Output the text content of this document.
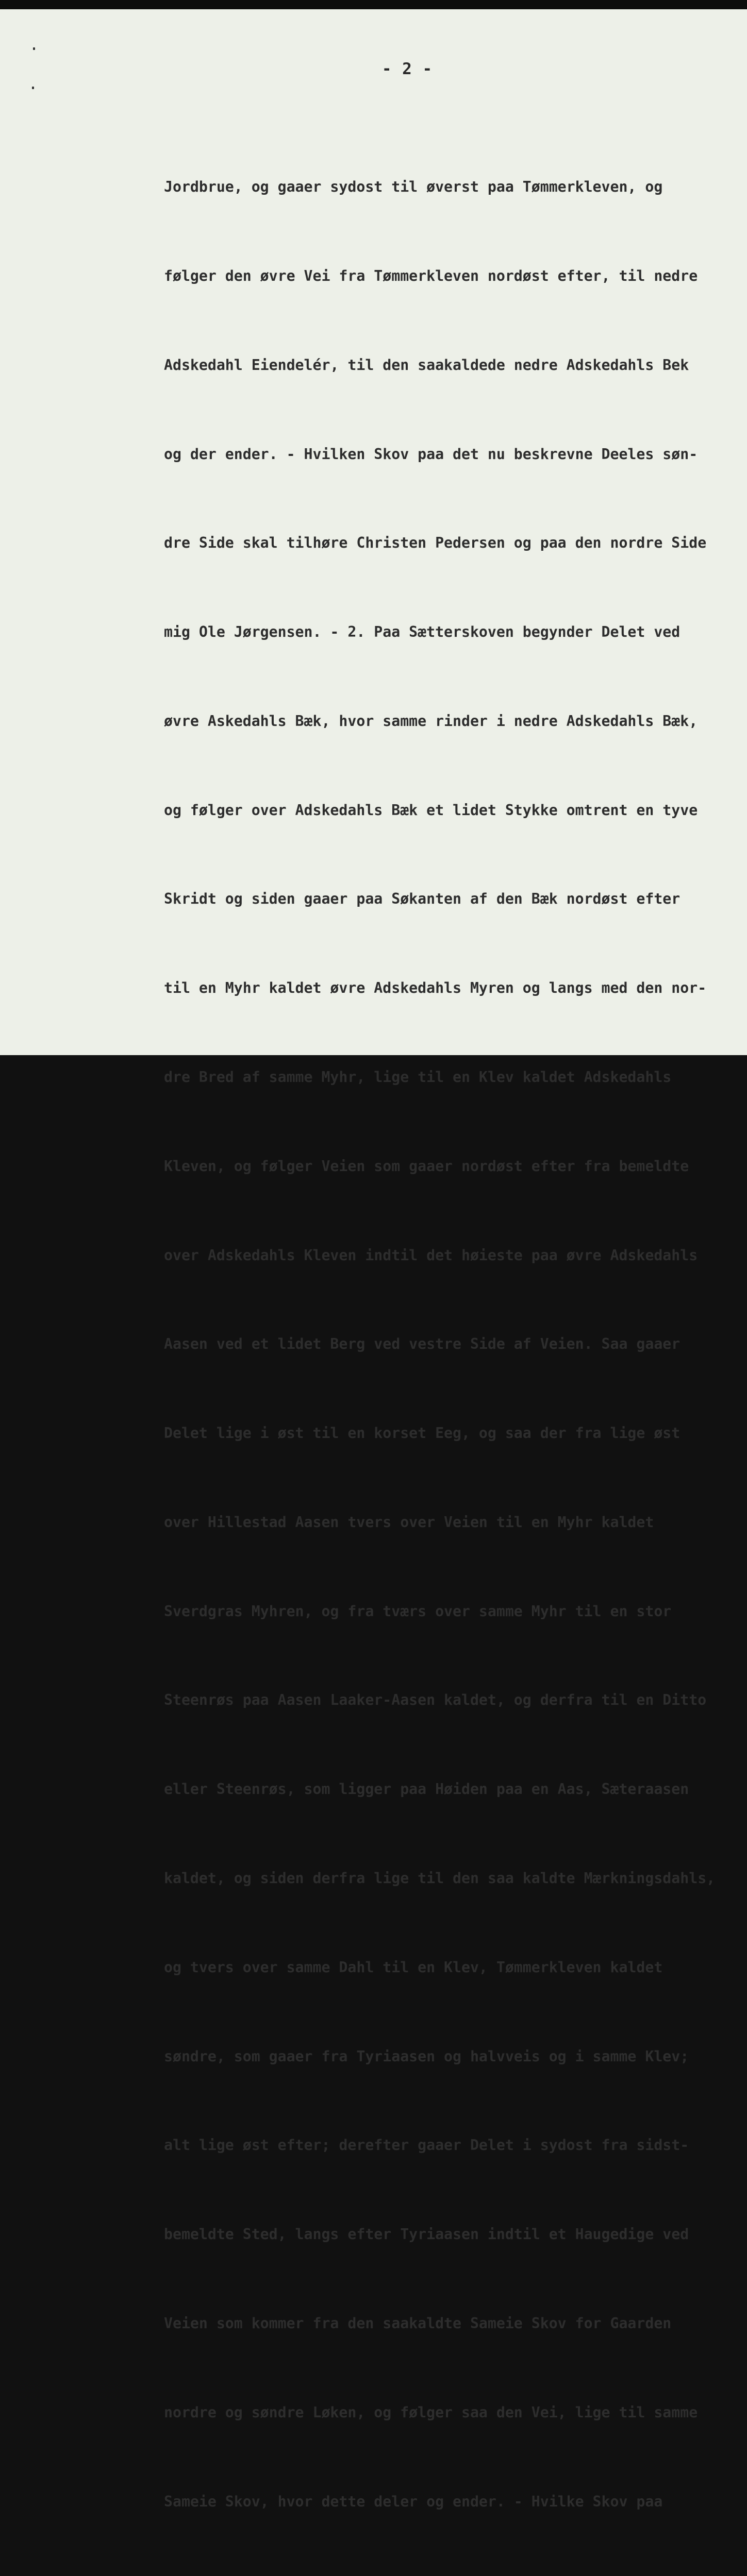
- 2 -

Jordbrue, og gaaer sydost til øverst paa Tømmerkleven, og

følger den øvre Vei fra Tømmerkleven nordøst efter, til nedre

Adskedahl Eiendelér, til den saakaldede nedre Adskedahls Bek

og der ender. - Hvilken Skov paa det nu beskrevne Deeles søn-

dre Side skal tilhøre Christen Pedersen og paa den nordre Side

mig Ole Jørgensen. - 2. Paa Sætterskoven begynder Delet ved

øvre Askedahls Bæk, hvor samme rinder i nedre Adskedahls Bæk,

og følger over Adskedahls Bæk et lidet Stykke omtrent en tyve

Skridt og siden gaaer paa Søkanten af den Bæk nordøst efter

til en Myhr kaldet øvre Adskedahls Myren og langs med den nor-

dre Bred af samme Myhr, lige til en Klev kaldet Adskedahls

Kleven, og følger Veien som gaaer nordøst efter fra bemeldte

over Adskedahls Kleven indtil det høieste paa øvre Adskedahls

Aasen ved et lidet Berg ved vestre Side af Veien. Saa gaaer

Delet lige i øst til en korset Eeg, og saa der fra lige øst

over Hillestad Aasen tvers over Veien til en Myhr kaldet

Sverdgras Myhren, og fra tværs over samme Myhr til en stor

Steenrøs paa Aasen Laaker-Aasen kaldet, og derfra til en Ditto

eller Steenrøs, som ligger paa Høiden paa en Aas, Sæteraasen

kaldet, og siden derfra lige til den saa kaldte Mærkningsdahls,

og tvers over samme Dahl til en Klev, Tømmerkleven kaldet

søndre, som gaaer fra Tyriaasen og halvveis og i samme Klev;

alt lige øst efter; derefter gaaer Delet i sydost fra sidst-

bemeldte Sted, langs efter Tyriaasen indtil et Haugedige ved

Veien som kommer fra den saakaldte Sameie Skov for Gaarden

nordre og søndre Løken, og følger saa den Vei, lige til samme

Sameie Skov, hvor dette deler og ender. - Hvilke Skov paa
